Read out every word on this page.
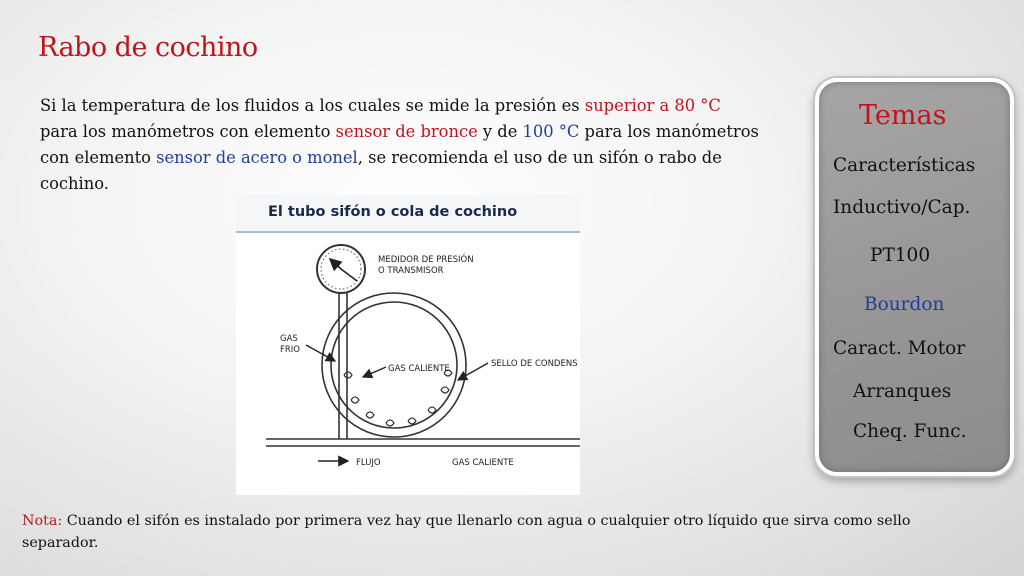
Rabo de cochino
Si la temperatura de los fluidos a los cuales se mide la presión es superior a 80 °C para los manómetros con elemento sensor de bronce y de 100 °C para los manómetros con elemento sensor de acero o monel, se recomienda el uso de un sifón o rabo de cochino.
El tubo sifón o cola de cochino
MEDIDOR DE PRESIÓN
O TRANSMISOR
GAS
FRIO
GAS CALIENTE	SELLO DE CONDENS
FLUJO	GAS CALIENTE
Temas
Características
Inductivo/Cap.
PT100
Bourdon
Caract. Motor
Arranques
Cheq. Func.
Nota: Cuando el sifón es instalado por primera vez hay que llenarlo con agua o cualquier otro líquido que sirva como sello separador.
